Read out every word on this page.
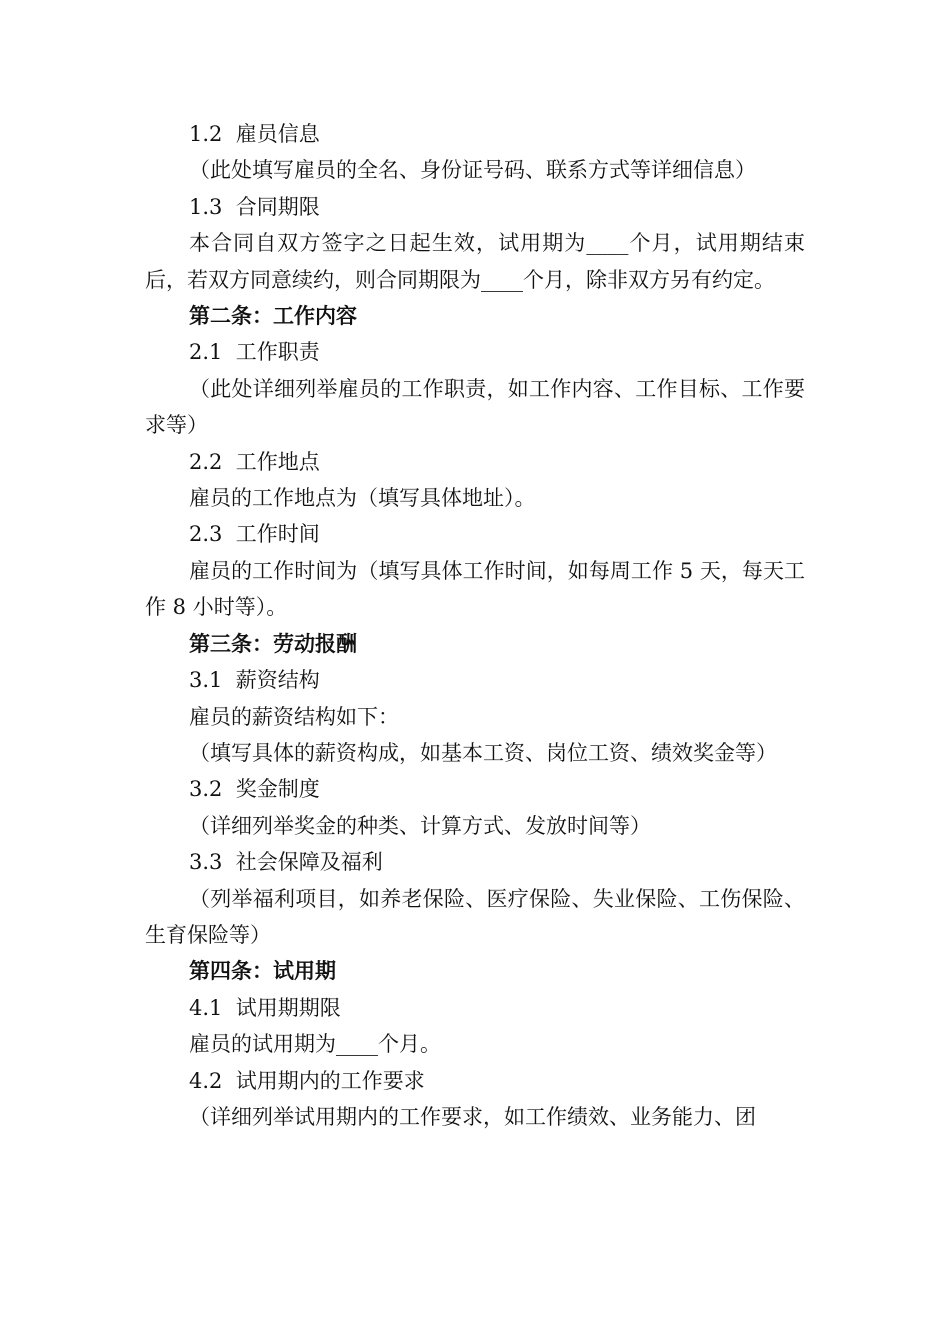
1.2  雇员信息

（此处填写雇员的全名、身份证号码、联系方式等详细信息）

1.3  合同期限

本合同自双方签字之日起生效，试用期为____个月，试用期结束后，若双方同意续约，则合同期限为____个月，除非双方另有约定。

第二条：工作内容

2.1  工作职责

（此处详细列举雇员的工作职责，如工作内容、工作目标、工作要求等）

2.2  工作地点

雇员的工作地点为（填写具体地址）。

2.3  工作时间

雇员的工作时间为（填写具体工作时间，如每周工作 5 天，每天工作 8 小时等）。

第三条：劳动报酬

3.1  薪资结构

雇员的薪资结构如下：

（填写具体的薪资构成，如基本工资、岗位工资、绩效奖金等）

3.2  奖金制度

（详细列举奖金的种类、计算方式、发放时间等）

3.3  社会保障及福利

（列举福利项目，如养老保险、医疗保险、失业保险、工伤保险、生育保险等）

第四条：试用期

4.1  试用期期限

雇员的试用期为____个月。

4.2  试用期内的工作要求

（详细列举试用期内的工作要求，如工作绩效、业务能力、团
